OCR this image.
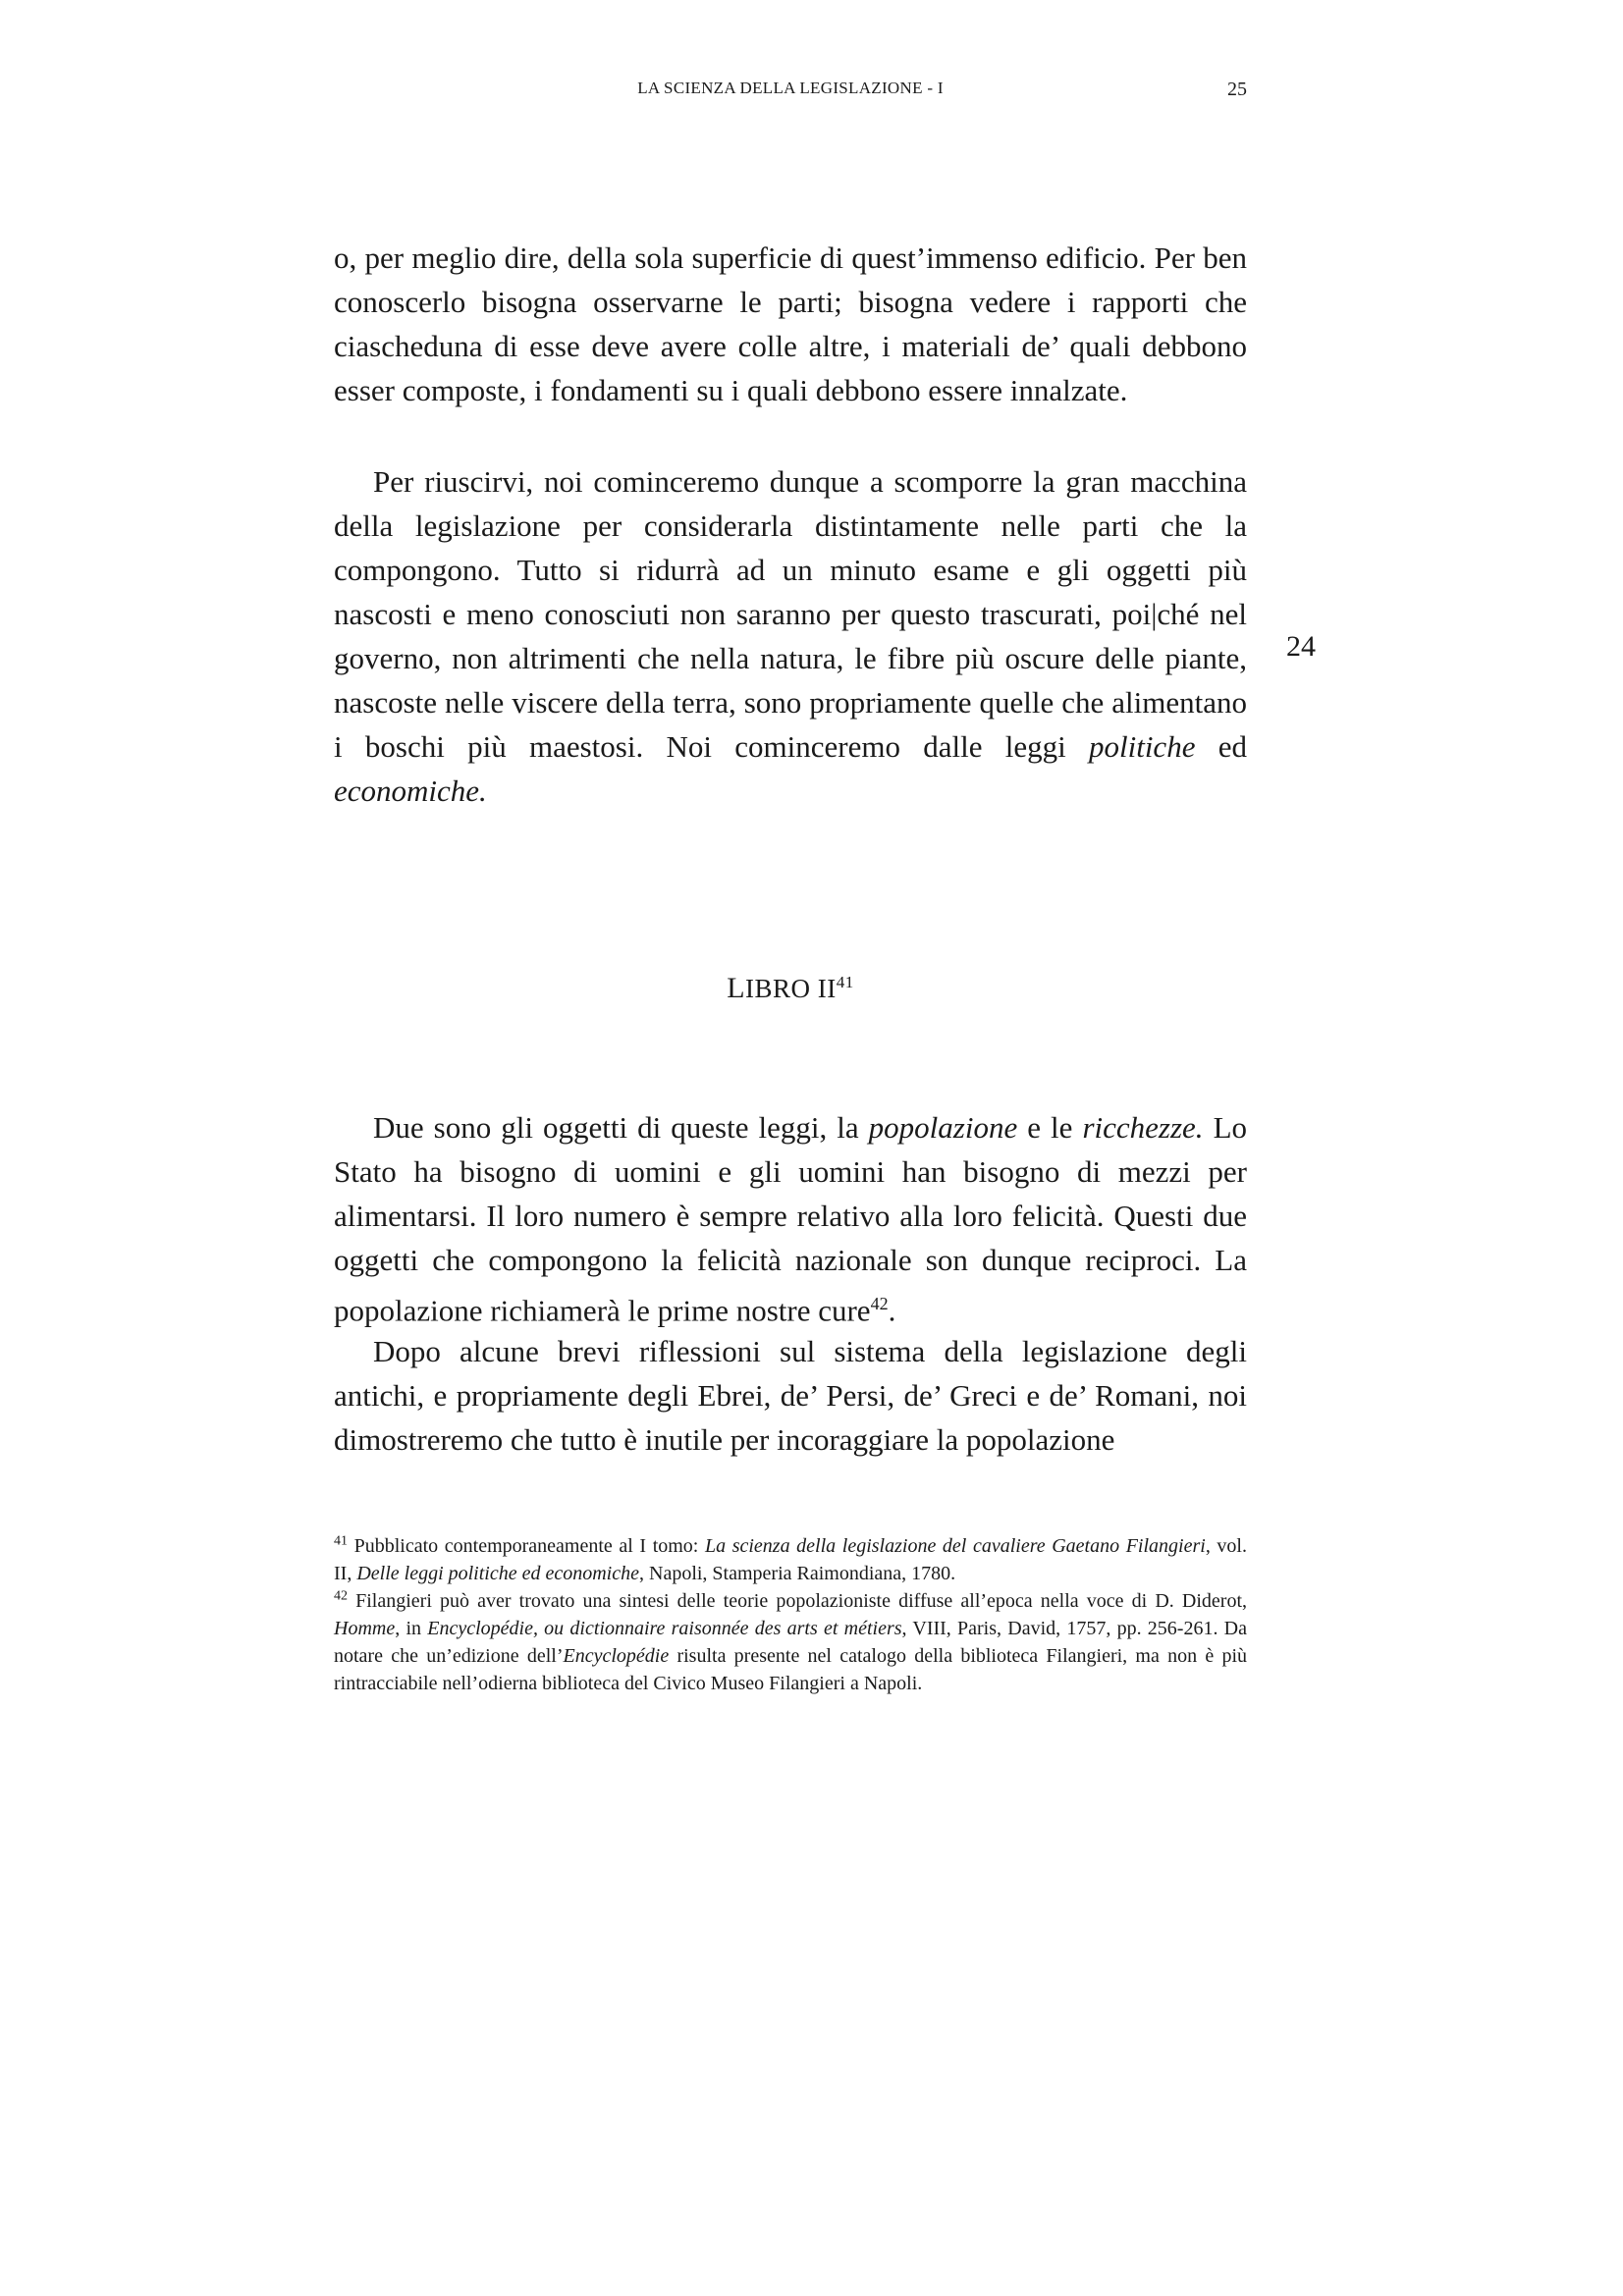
LA SCIENZA DELLA LEGISLAZIONE - I	25

o, per meglio dire, della sola superficie di quest’immenso edificio. Per ben conoscerlo bisogna osservarne le parti; bisogna vedere i rapporti che ciascheduna di esse deve avere colle altre, i materiali de’ quali debbono esser composte, i fondamenti su i quali debbono essere innalzate.

Per riuscirvi, noi cominceremo dunque a scomporre la gran macchina della legislazione per considerarla distintamente nelle parti che la compongono. Tutto si ridurrà ad un minuto esame e gli oggetti più nascosti e meno conosciuti non saranno per questo trascurati, poi|ché nel governo, non altrimenti che nella natura, le fibre più oscure delle piante, nascoste nelle viscere della terra, sono propriamente quelle che alimentano i boschi più maestosi. Noi cominceremo dalle leggi politiche ed economiche.

24
LIBRO II$^{41}$

Due sono gli oggetti di queste leggi, la popolazione e le ricchezze. Lo Stato ha bisogno di uomini e gli uomini han bisogno di mezzi per alimentarsi. Il loro numero è sempre relativo alla loro felicità. Questi due oggetti che compongono la felicità nazionale son dunque reciproci. La popolazione richiamerà le prime nostre cure$^{42}$.

Dopo alcune brevi riflessioni sul sistema della legislazione degli antichi, e propriamente degli Ebrei, de’ Persi, de’ Greci e de’ Romani, noi dimostreremo che tutto è inutile per incoraggiare la popolazione

$^{41}$ Pubblicato contemporaneamente al I tomo: La scienza della legislazione del cavaliere Gaetano Filangieri, vol. II, Delle leggi politiche ed economiche, Napoli, Stamperia Raimondiana, 1780.

$^{42}$ Filangieri può aver trovato una sintesi delle teorie popolazioniste diffuse all’epoca nella voce di D. Diderot, Homme, in Encyclopédie, ou dictionnaire raisonnée des arts et métiers, VIII, Paris, David, 1757, pp. 256-261. Da notare che un’edizione dell’Encyclopédie risulta presente nel catalogo della biblioteca Filangieri, ma non è più rintracciabile nell’odierna biblioteca del Civico Museo Filangieri a Napoli.
